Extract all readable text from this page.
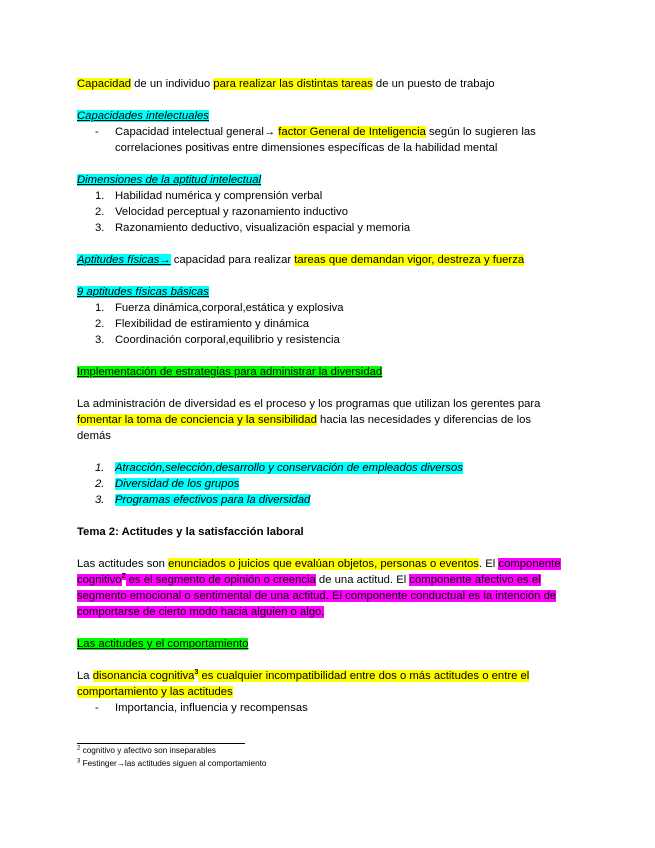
Capacidad de un individuo para realizar las distintas tareas de un puesto de trabajo

Capacidades intelectuales

-	Capacidad intelectual general→ factor General de Inteligencia según lo sugieren las correlaciones positivas entre dimensiones específicas de la habilidad mental

Dimensiones de la aptitud intelectual

1. Habilidad numérica y comprensión verbal
2. Velocidad perceptual y razonamiento inductivo
3. Razonamiento deductivo, visualización espacial y memoria

Aptitudes físicas→ capacidad para realizar tareas que demandan vigor, destreza y fuerza

9 aptitudes físicas básicas

1. Fuerza dinámica,corporal,estática y explosiva
2. Flexibilidad de estiramiento y dinámica
3. Coordinación corporal,equilibrio y resistencia

Implementación de estrategias para administrar la diversidad

La administración de diversidad es el proceso y los programas que utilizan los gerentes para fomentar la toma de conciencia y la sensibilidad hacia las necesidades y diferencias de los demás

1. Atracción,selección,desarrollo y conservación de empleados diversos
2. Diversidad de los grupos
3. Programas efectivos para la diversidad

Tema 2: Actitudes y la satisfacción laboral

Las actitudes son enunciados o juicios que evalúan objetos, personas o eventos. El componente cognitivo$^2$ es el segmento de opinión o creencia de una actitud. El componente afectivo es el segmento emocional o sentimental de una actitud. El componente conductual es la intención de comportarse de cierto modo hacia alguien o algo.

Las actitudes y el comportamiento

La disonancia cognitiva$^3$ es cualquier incompatibilidad entre dos o más actitudes o entre el comportamiento y las actitudes

-	Importancia, influencia y recompensas

$^2$ cognitivo y afectivo son inseparables

$^3$ Festinger→las actitudes siguen al comportamiento
